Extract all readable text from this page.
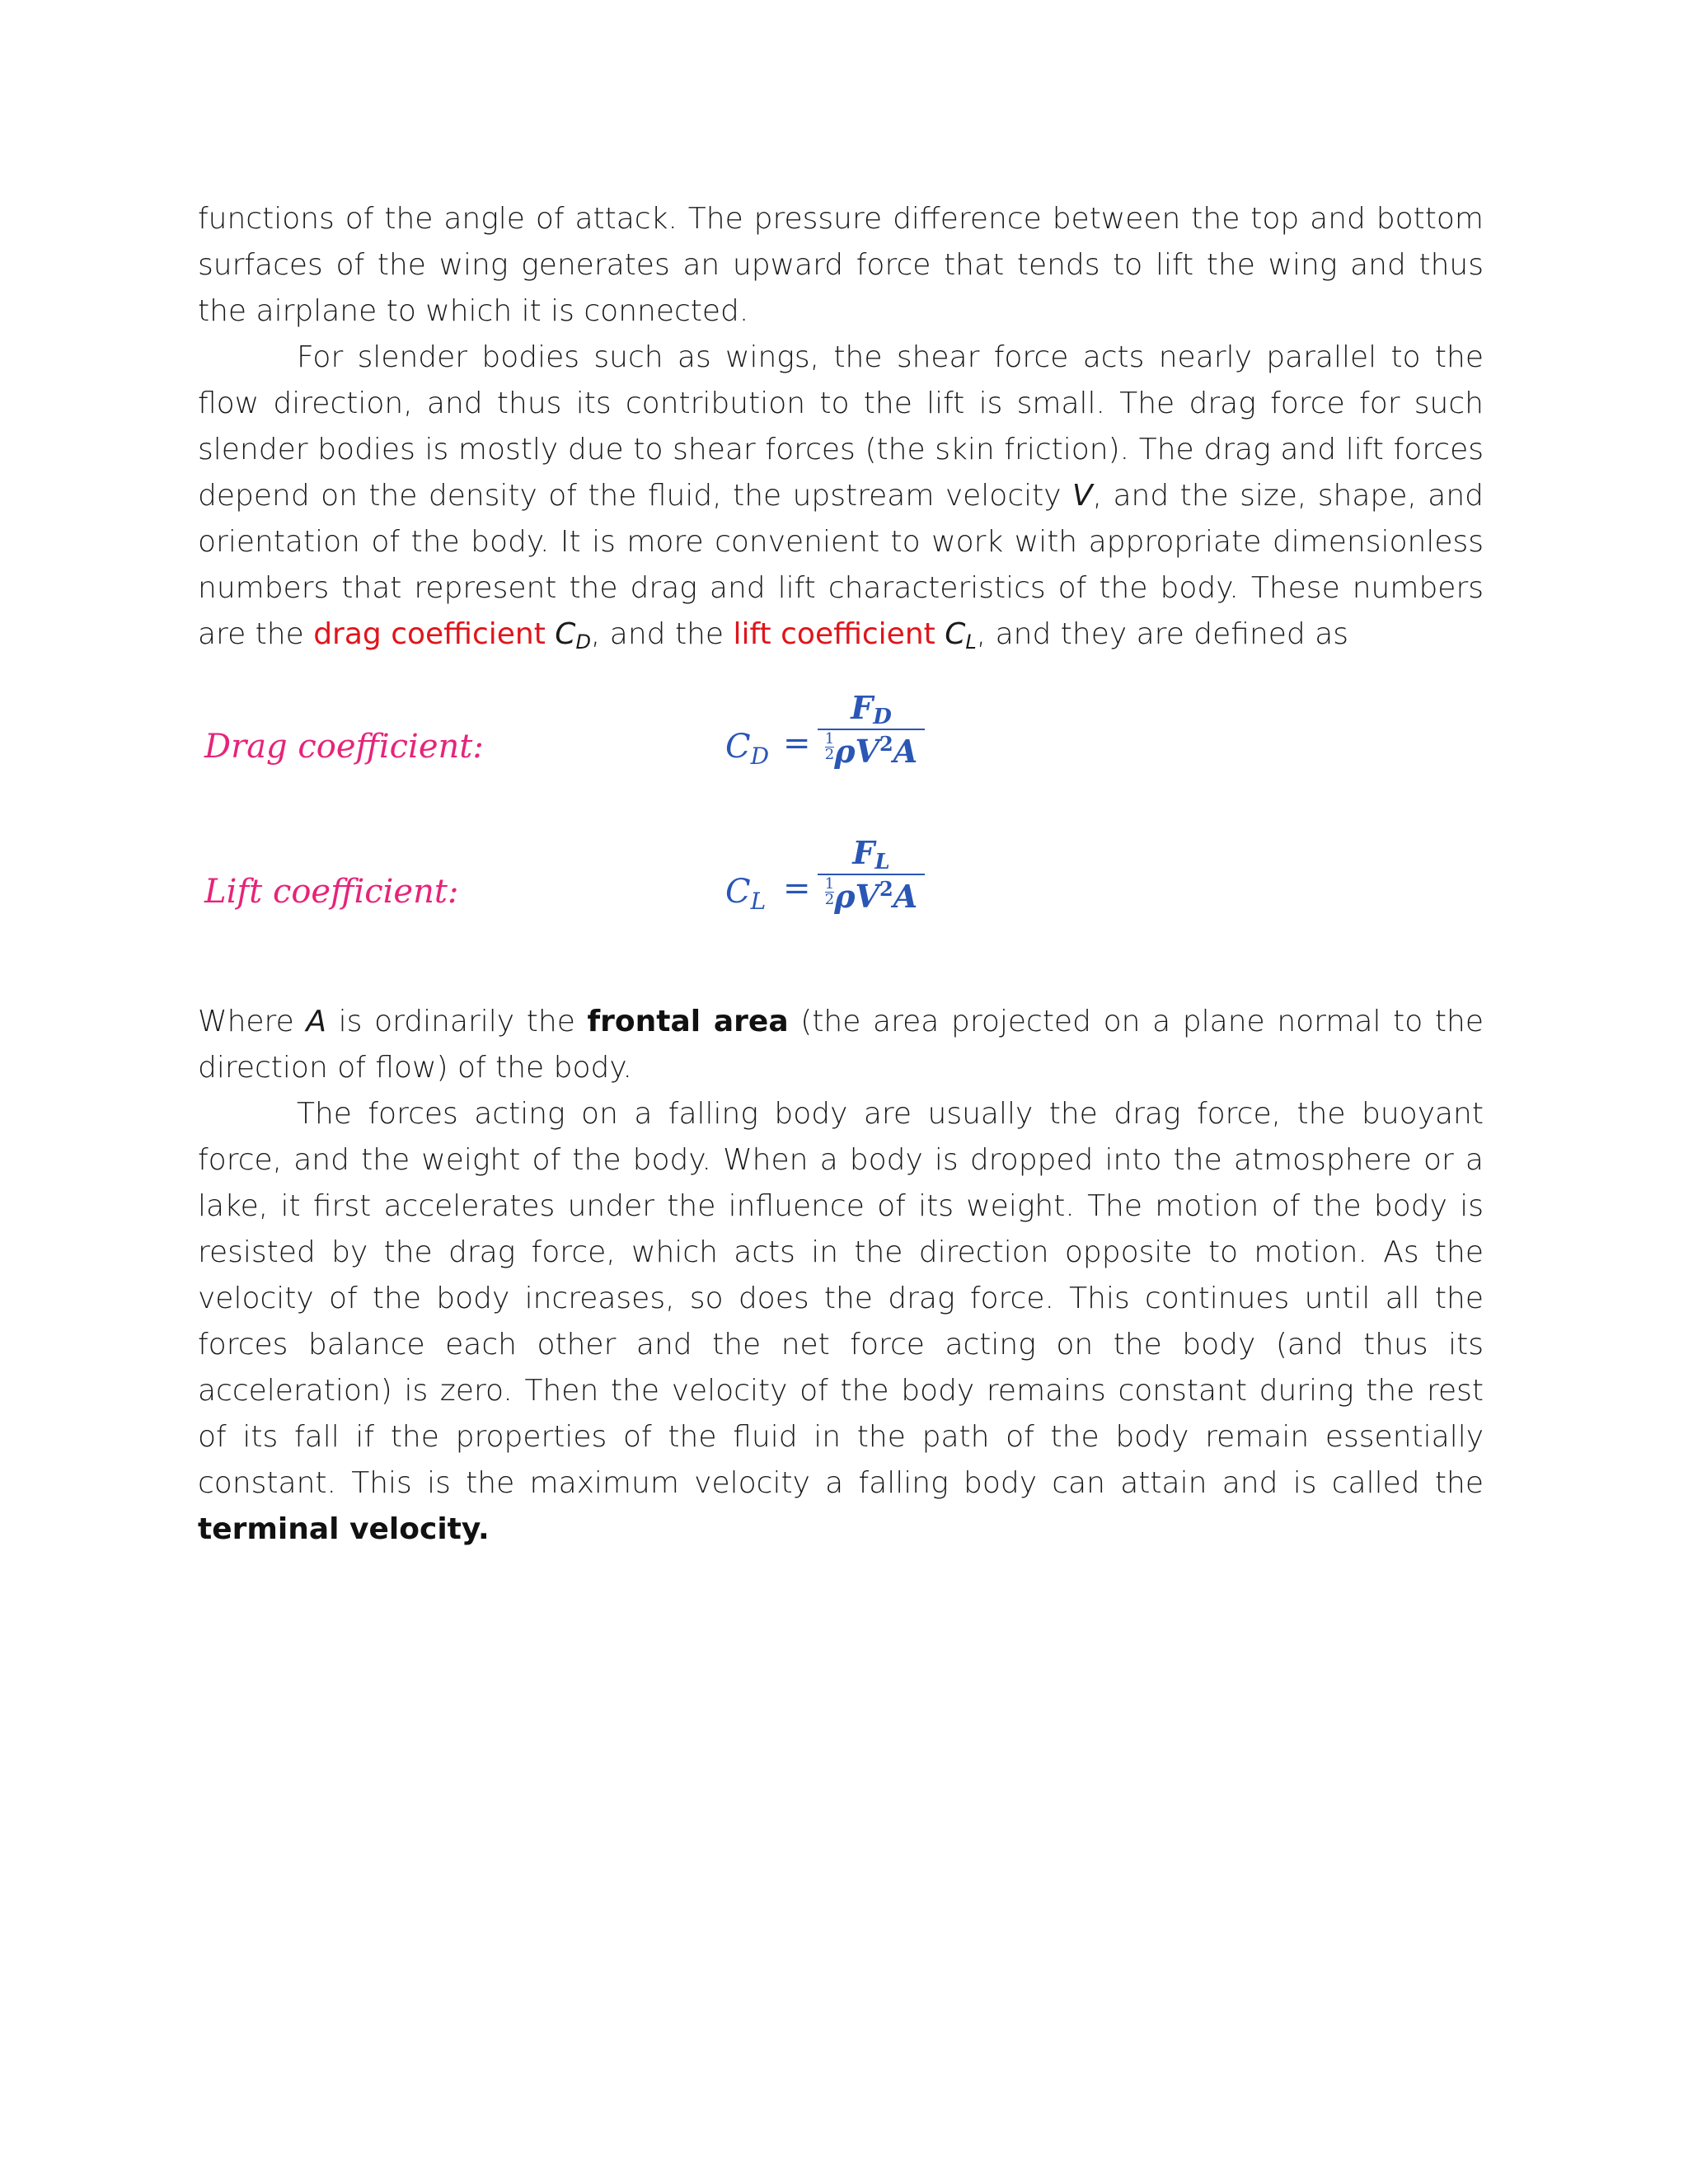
functions of the angle of attack. The pressure difference between the top and bottom surfaces of the wing generates an upward force that tends to lift the wing and thus the airplane to which it is connected.

For slender bodies such as wings, the shear force acts nearly parallel to the flow direction, and thus its contribution to the lift is small. The drag force for such slender bodies is mostly due to shear forces (the skin friction). The drag and lift forces depend on the density of the fluid, the upstream velocity V, and the size, shape, and orientation of the body. It is more convenient to work with appropriate dimensionless numbers that represent the drag and lift characteristics of the body. These numbers are the drag coefficient $C_D$, and the lift coefficient $C_L$, and they are defined as

Drag coefficient:	$C_D = \frac{FD}{\frac{1}{2} \rho V^2A}$
Lift coefficient:	$C_L = \frac{FL}{\frac{1}{2} \rho V^2A}$

Where A is ordinarily the frontal area (the area projected on a plane normal to the direction of flow) of the body.

The forces acting on a falling body are usually the drag force, the buoyant force, and the weight of the body. When a body is dropped into the atmosphere or a lake, it first accelerates under the influence of its weight. The motion of the body is resisted by the drag force, which acts in the direction opposite to motion. As the velocity of the body increases, so does the drag force. This continues until all the forces balance each other and the net force acting on the body (and thus its acceleration) is zero. Then the velocity of the body remains constant during the rest of its fall if the properties of the fluid in the path of the body remain essentially constant. This is the maximum velocity a falling body can attain and is called the terminal velocity.
